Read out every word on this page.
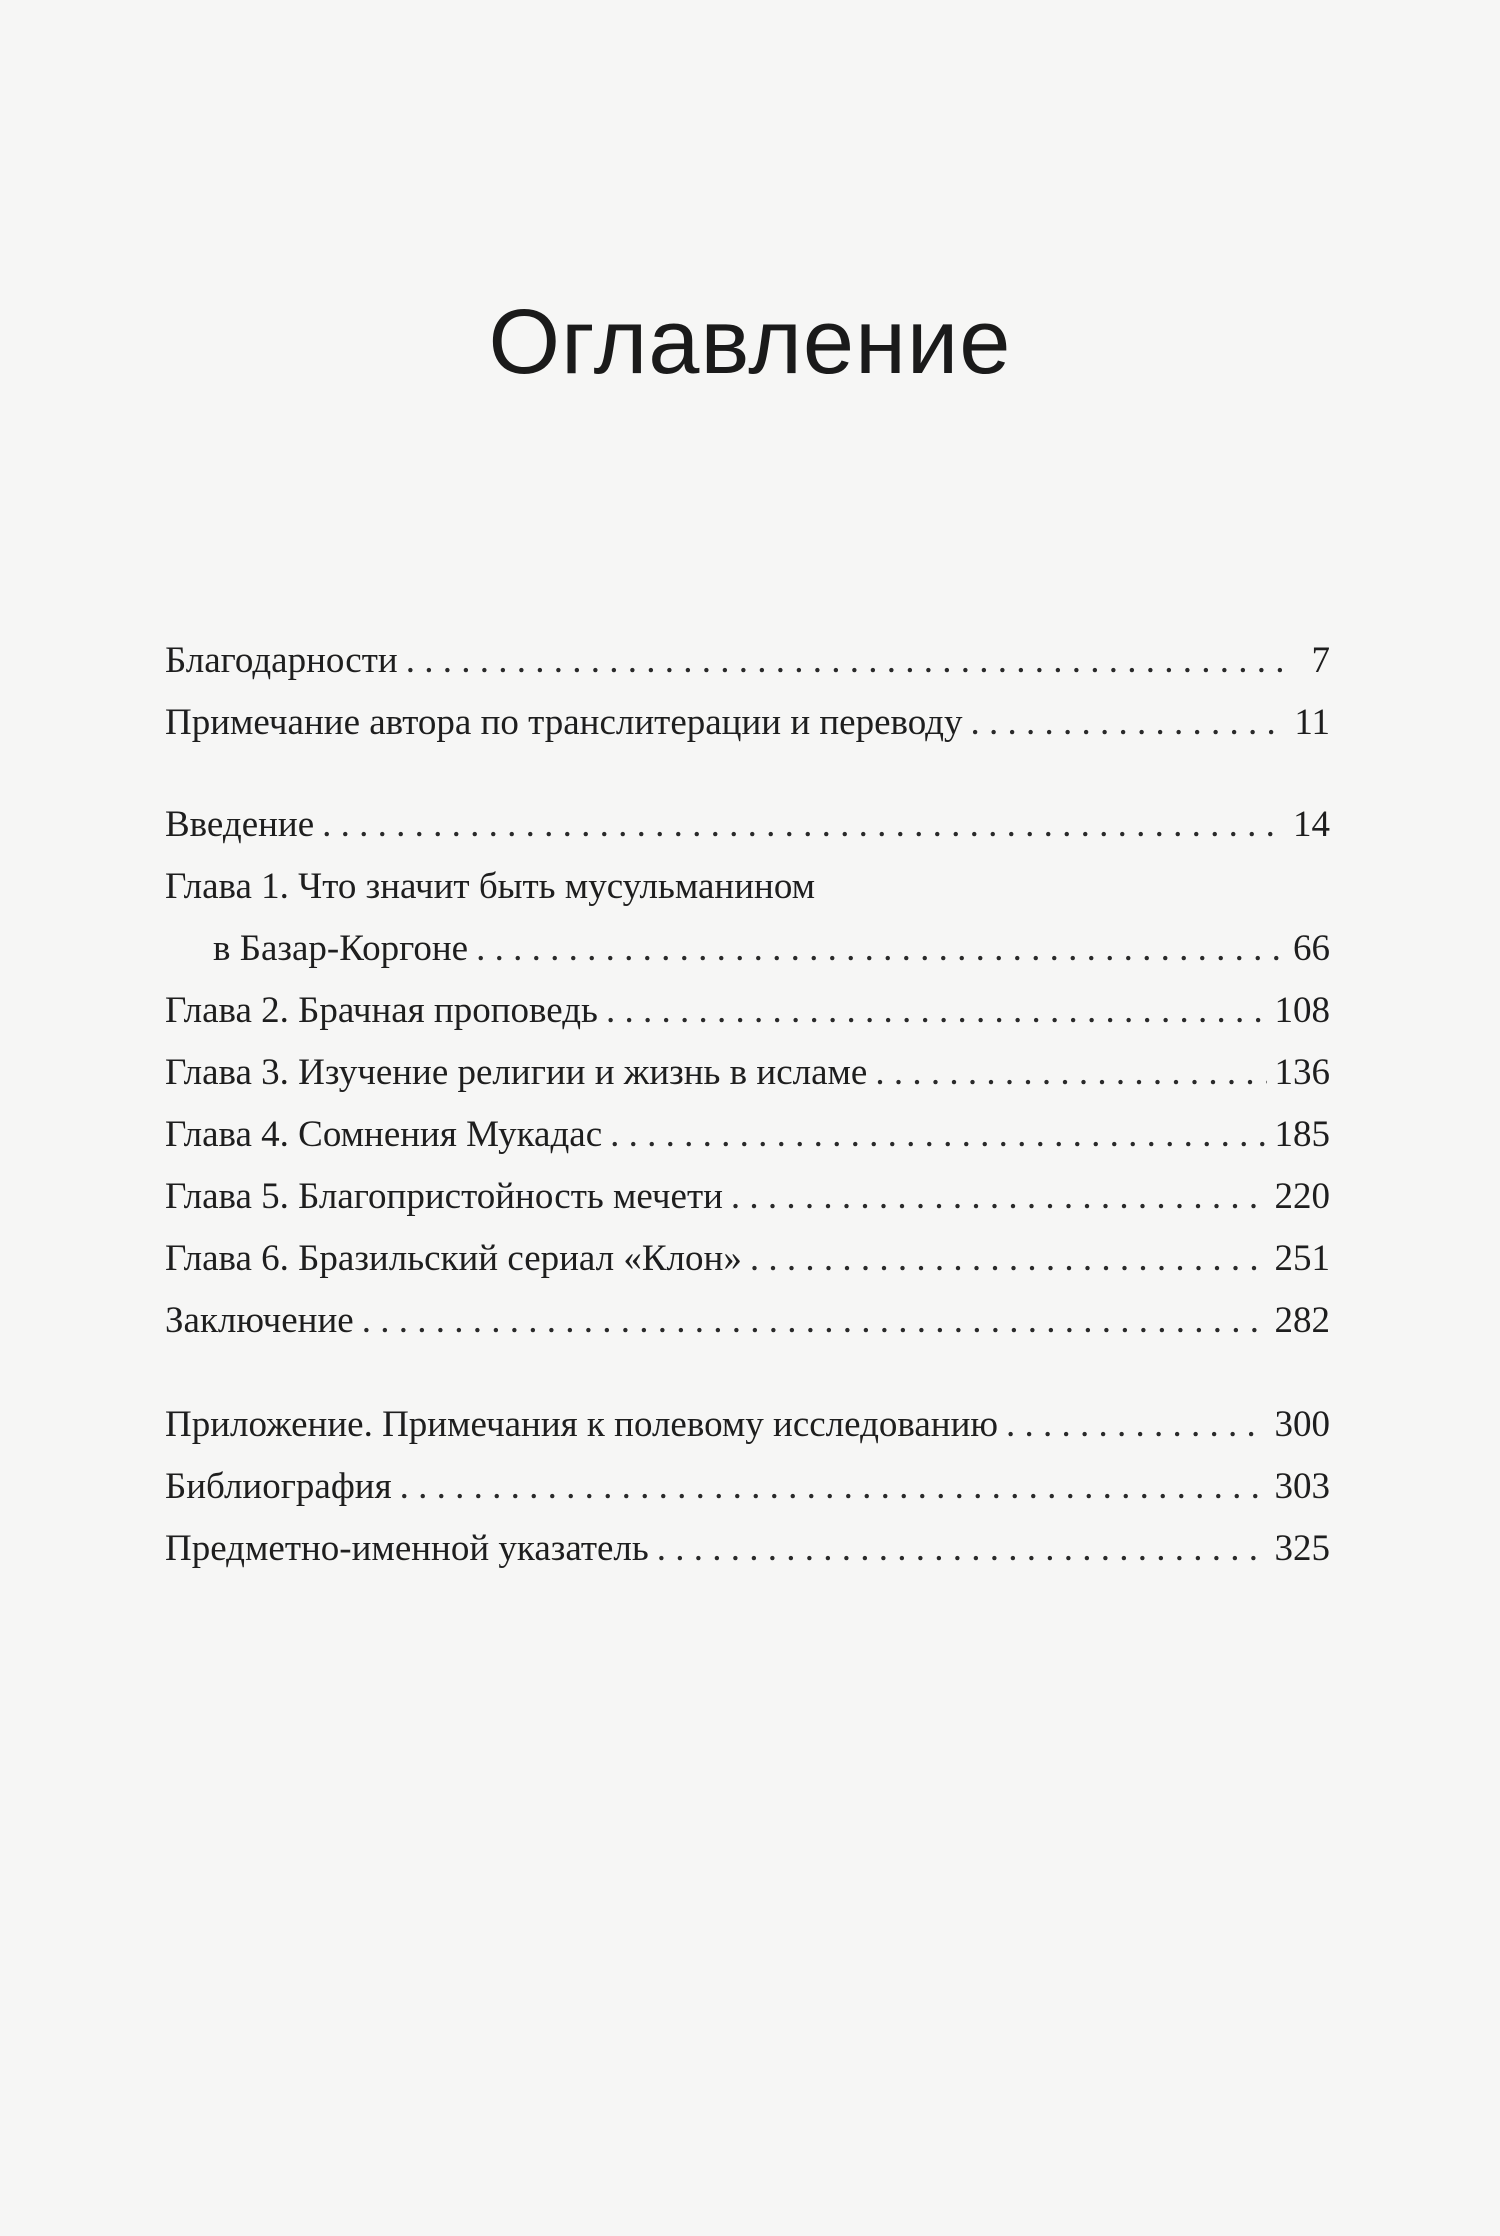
Оглавление
Благодарности . . .	7
Примечание автора по транслитерации и переводу . . .	11
Введение . . .	14
Глава 1. Что значит быть мусульманином
в Базар-Коргоне . . .	66
Глава 2. Брачная проповедь . . .	108
Глава 3. Изучение религии и жизнь в исламе . . .	136
Глава 4. Сомнения Мукадас . . .	185
Глава 5. Благопристойность мечети . . .	220
Глава 6. Бразильский сериал «Клон» . . .	251
Заключение . . .	282
Приложение. Примечания к полевому исследованию . . .	300
Библиография . . .	303
Предметно-именной указатель . . .	325
